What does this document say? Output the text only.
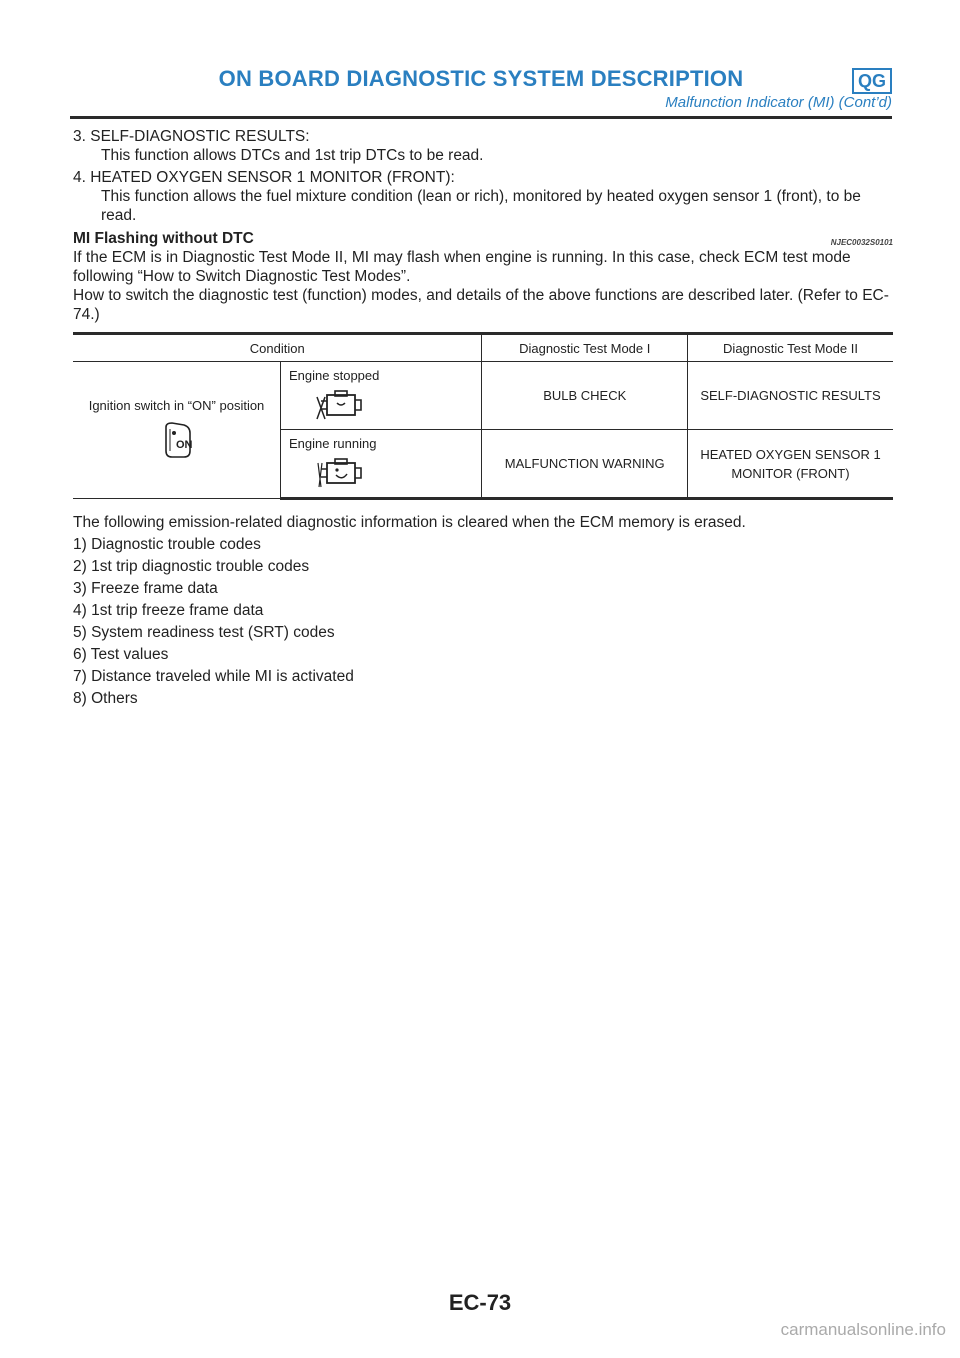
ON BOARD DIAGNOSTIC SYSTEM DESCRIPTION	QG
Malfunction Indicator (MI) (Cont’d)
3. SELF-DIAGNOSTIC RESULTS:
This function allows DTCs and 1st trip DTCs to be read.
4. HEATED OXYGEN SENSOR 1 MONITOR (FRONT):
This function allows the fuel mixture condition (lean or rich), monitored by heated oxygen sensor 1 (front), to be read.
MI Flashing without DTC	NJEC0032S0101
If the ECM is in Diagnostic Test Mode II, MI may flash when engine is running. In this case, check ECM test mode following “How to Switch Diagnostic Test Modes”.
How to switch the diagnostic test (function) modes, and details of the above functions are described later. (Refer to EC-74.)
Condition		Diagnostic Test Mode I	Diagnostic Test Mode II

Ignition switch in “ON” position
ON	Engine stopped	BULB CHECK	SELF-DIAGNOSTIC RESULTS

	Engine running	MALFUNCTION WARNING	HEATED OXYGEN SENSOR 1 MONITOR (FRONT)
The following emission-related diagnostic information is cleared when the ECM memory is erased.
1) Diagnostic trouble codes
2) 1st trip diagnostic trouble codes
3) Freeze frame data
4) 1st trip freeze frame data
5) System readiness test (SRT) codes
6) Test values
7) Distance traveled while MI is activated
8) Others
EC-73
carmanualsonline.info
